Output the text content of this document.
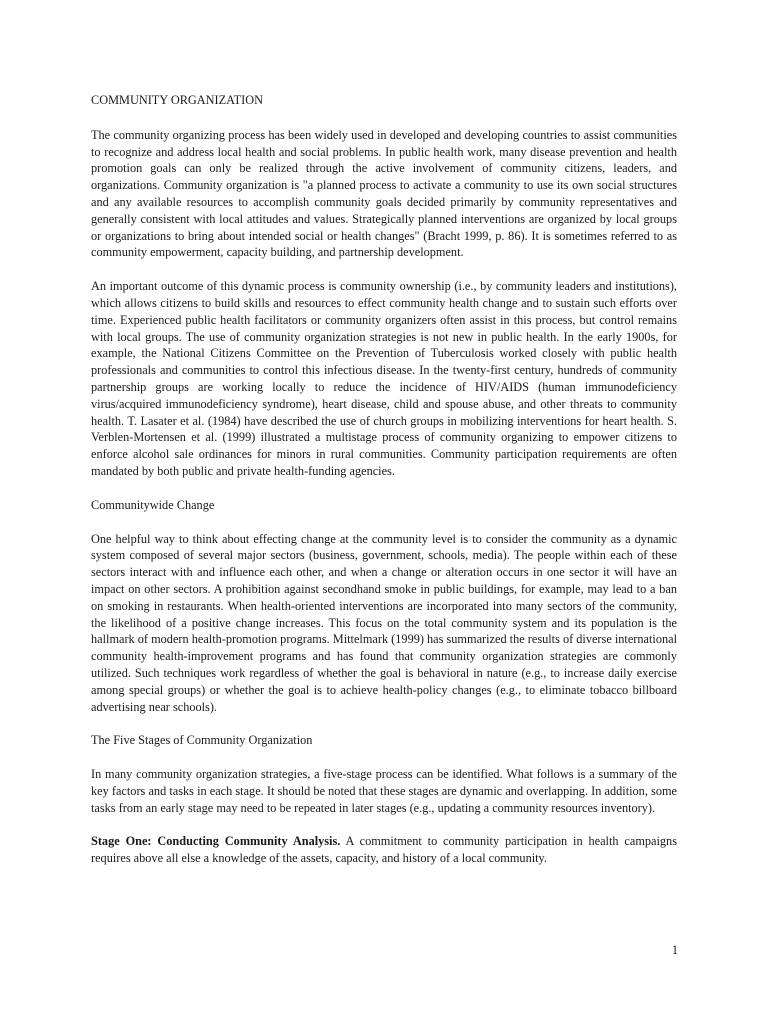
COMMUNITY ORGANIZATION

The community organizing process has been widely used in developed and developing countries to assist communities to recognize and address local health and social problems. In public health work, many disease prevention and health promotion goals can only be realized through the active involvement of community citizens, leaders, and organizations. Community organization is "a planned process to activate a community to use its own social structures and any available resources to accomplish community goals decided primarily by community representatives and generally consistent with local attitudes and values. Strategically planned interventions are organized by local groups or organizations to bring about intended social or health changes" (Bracht 1999, p. 86). It is sometimes referred to as community empowerment, capacity building, and partnership development.

An important outcome of this dynamic process is community ownership (i.e., by community leaders and institutions), which allows citizens to build skills and resources to effect community health change and to sustain such efforts over time. Experienced public health facilitators or community organizers often assist in this process, but control remains with local groups. The use of community organization strategies is not new in public health. In the early 1900s, for example, the National Citizens Committee on the Prevention of Tuberculosis worked closely with public health professionals and communities to control this infectious disease. In the twenty-first century, hundreds of community partnership groups are working locally to reduce the incidence of HIV/AIDS (human immunodeficiency virus/acquired immunodeficiency syndrome), heart disease, child and spouse abuse, and other threats to community health. T. Lasater et al. (1984) have described the use of church groups in mobilizing interventions for heart health. S. Verblen-Mortensen et al. (1999) illustrated a multistage process of community organizing to empower citizens to enforce alcohol sale ordinances for minors in rural communities. Community participation requirements are often mandated by both public and private health-funding agencies.

Communitywide Change

One helpful way to think about effecting change at the community level is to consider the community as a dynamic system composed of several major sectors (business, government, schools, media). The people within each of these sectors interact with and influence each other, and when a change or alteration occurs in one sector it will have an impact on other sectors. A prohibition against secondhand smoke in public buildings, for example, may lead to a ban on smoking in restaurants. When health-oriented interventions are incorporated into many sectors of the community, the likelihood of a positive change increases. This focus on the total community system and its population is the hallmark of modern health-promotion programs. Mittelmark (1999) has summarized the results of diverse international community health-improvement programs and has found that community organization strategies are commonly utilized. Such techniques work regardless of whether the goal is behavioral in nature (e.g., to increase daily exercise among special groups) or whether the goal is to achieve health-policy changes (e.g., to eliminate tobacco billboard advertising near schools).

The Five Stages of Community Organization

In many community organization strategies, a five-stage process can be identified. What follows is a summary of the key factors and tasks in each stage. It should be noted that these stages are dynamic and overlapping. In addition, some tasks from an early stage may need to be repeated in later stages (e.g., updating a community resources inventory).

Stage One: Conducting Community Analysis. A commitment to community participation in health campaigns requires above all else a knowledge of the assets, capacity, and history of a local community.

1
